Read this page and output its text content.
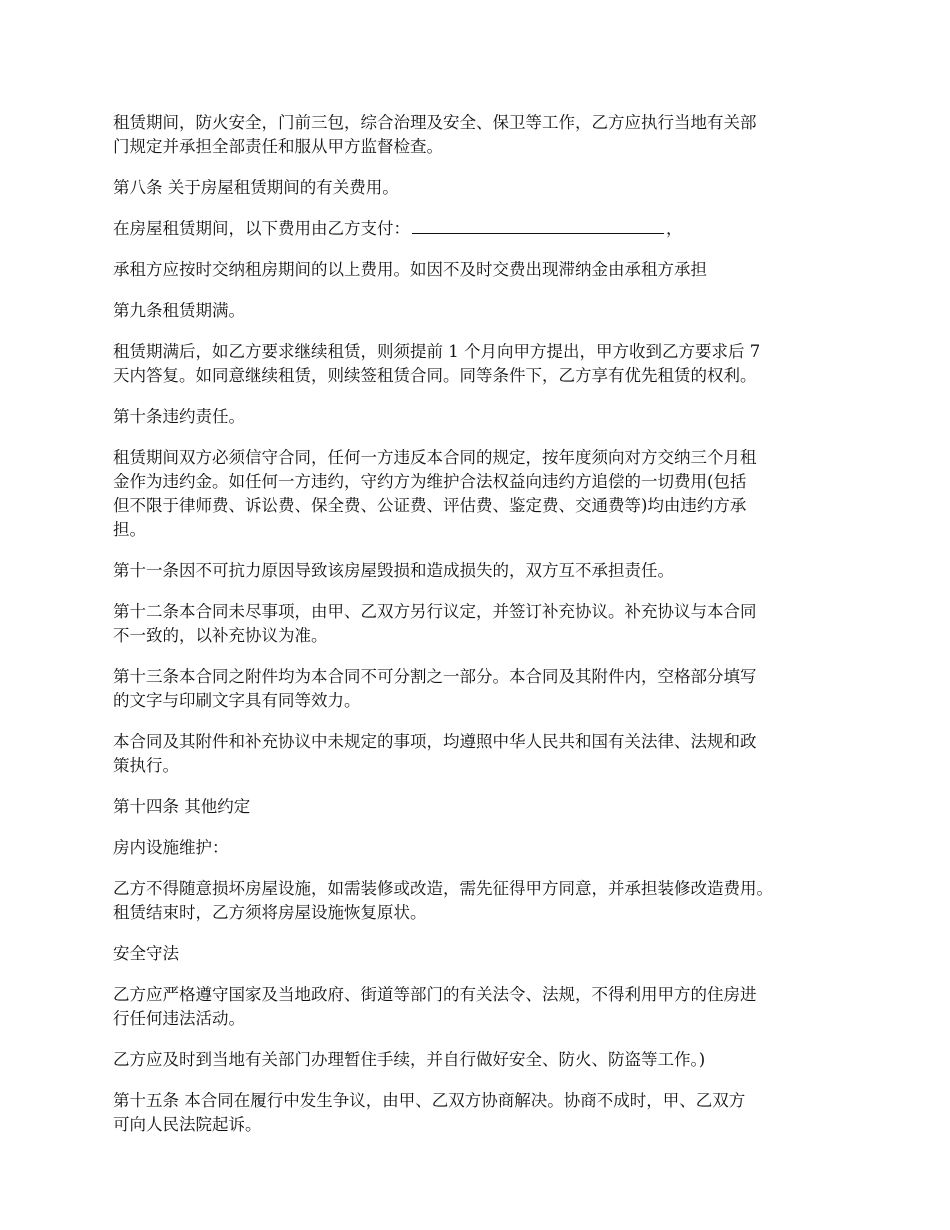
租赁期间，防火安全，门前三包，综合治理及安全、保卫等工作，乙方应执行当地有关部
门规定并承担全部责任和服从甲方监督检查。

第八条 关于房屋租赁期间的有关费用。

在房屋租赁期间，以下费用由乙方支付：	，

承租方应按时交纳租房期间的以上费用。如因不及时交费出现滞纳金由承租方承担

第九条租赁期满。

租赁期满后，如乙方要求继续租赁，则须提前 1 个月向甲方提出，甲方收到乙方要求后 7
天内答复。如同意继续租赁，则续签租赁合同。同等条件下，乙方享有优先租赁的权利。

第十条违约责任。

租赁期间双方必须信守合同，任何一方违反本合同的规定，按年度须向对方交纳三个月租
金作为违约金。如任何一方违约，守约方为维护合法权益向违约方追偿的一切费用(包括
但不限于律师费、诉讼费、保全费、公证费、评估费、鉴定费、交通费等)均由违约方承
担。

第十一条因不可抗力原因导致该房屋毁损和造成损失的，双方互不承担责任。

第十二条本合同未尽事项，由甲、乙双方另行议定，并签订补充协议。补充协议与本合同
不一致的，以补充协议为准。

第十三条本合同之附件均为本合同不可分割之一部分。本合同及其附件内，空格部分填写
的文字与印刷文字具有同等效力。

本合同及其附件和补充协议中未规定的事项，均遵照中华人民共和国有关法律、法规和政
策执行。

第十四条 其他约定

房内设施维护：

乙方不得随意损坏房屋设施，如需装修或改造，需先征得甲方同意，并承担装修改造费用。
租赁结束时，乙方须将房屋设施恢复原状。

安全守法

乙方应严格遵守国家及当地政府、街道等部门的有关法令、法规，不得利用甲方的住房进
行任何违法活动。

乙方应及时到当地有关部门办理暂住手续，并自行做好安全、防火、防盗等工作。)

第十五条 本合同在履行中发生争议，由甲、乙双方协商解决。协商不成时，甲、乙双方
可向人民法院起诉。
